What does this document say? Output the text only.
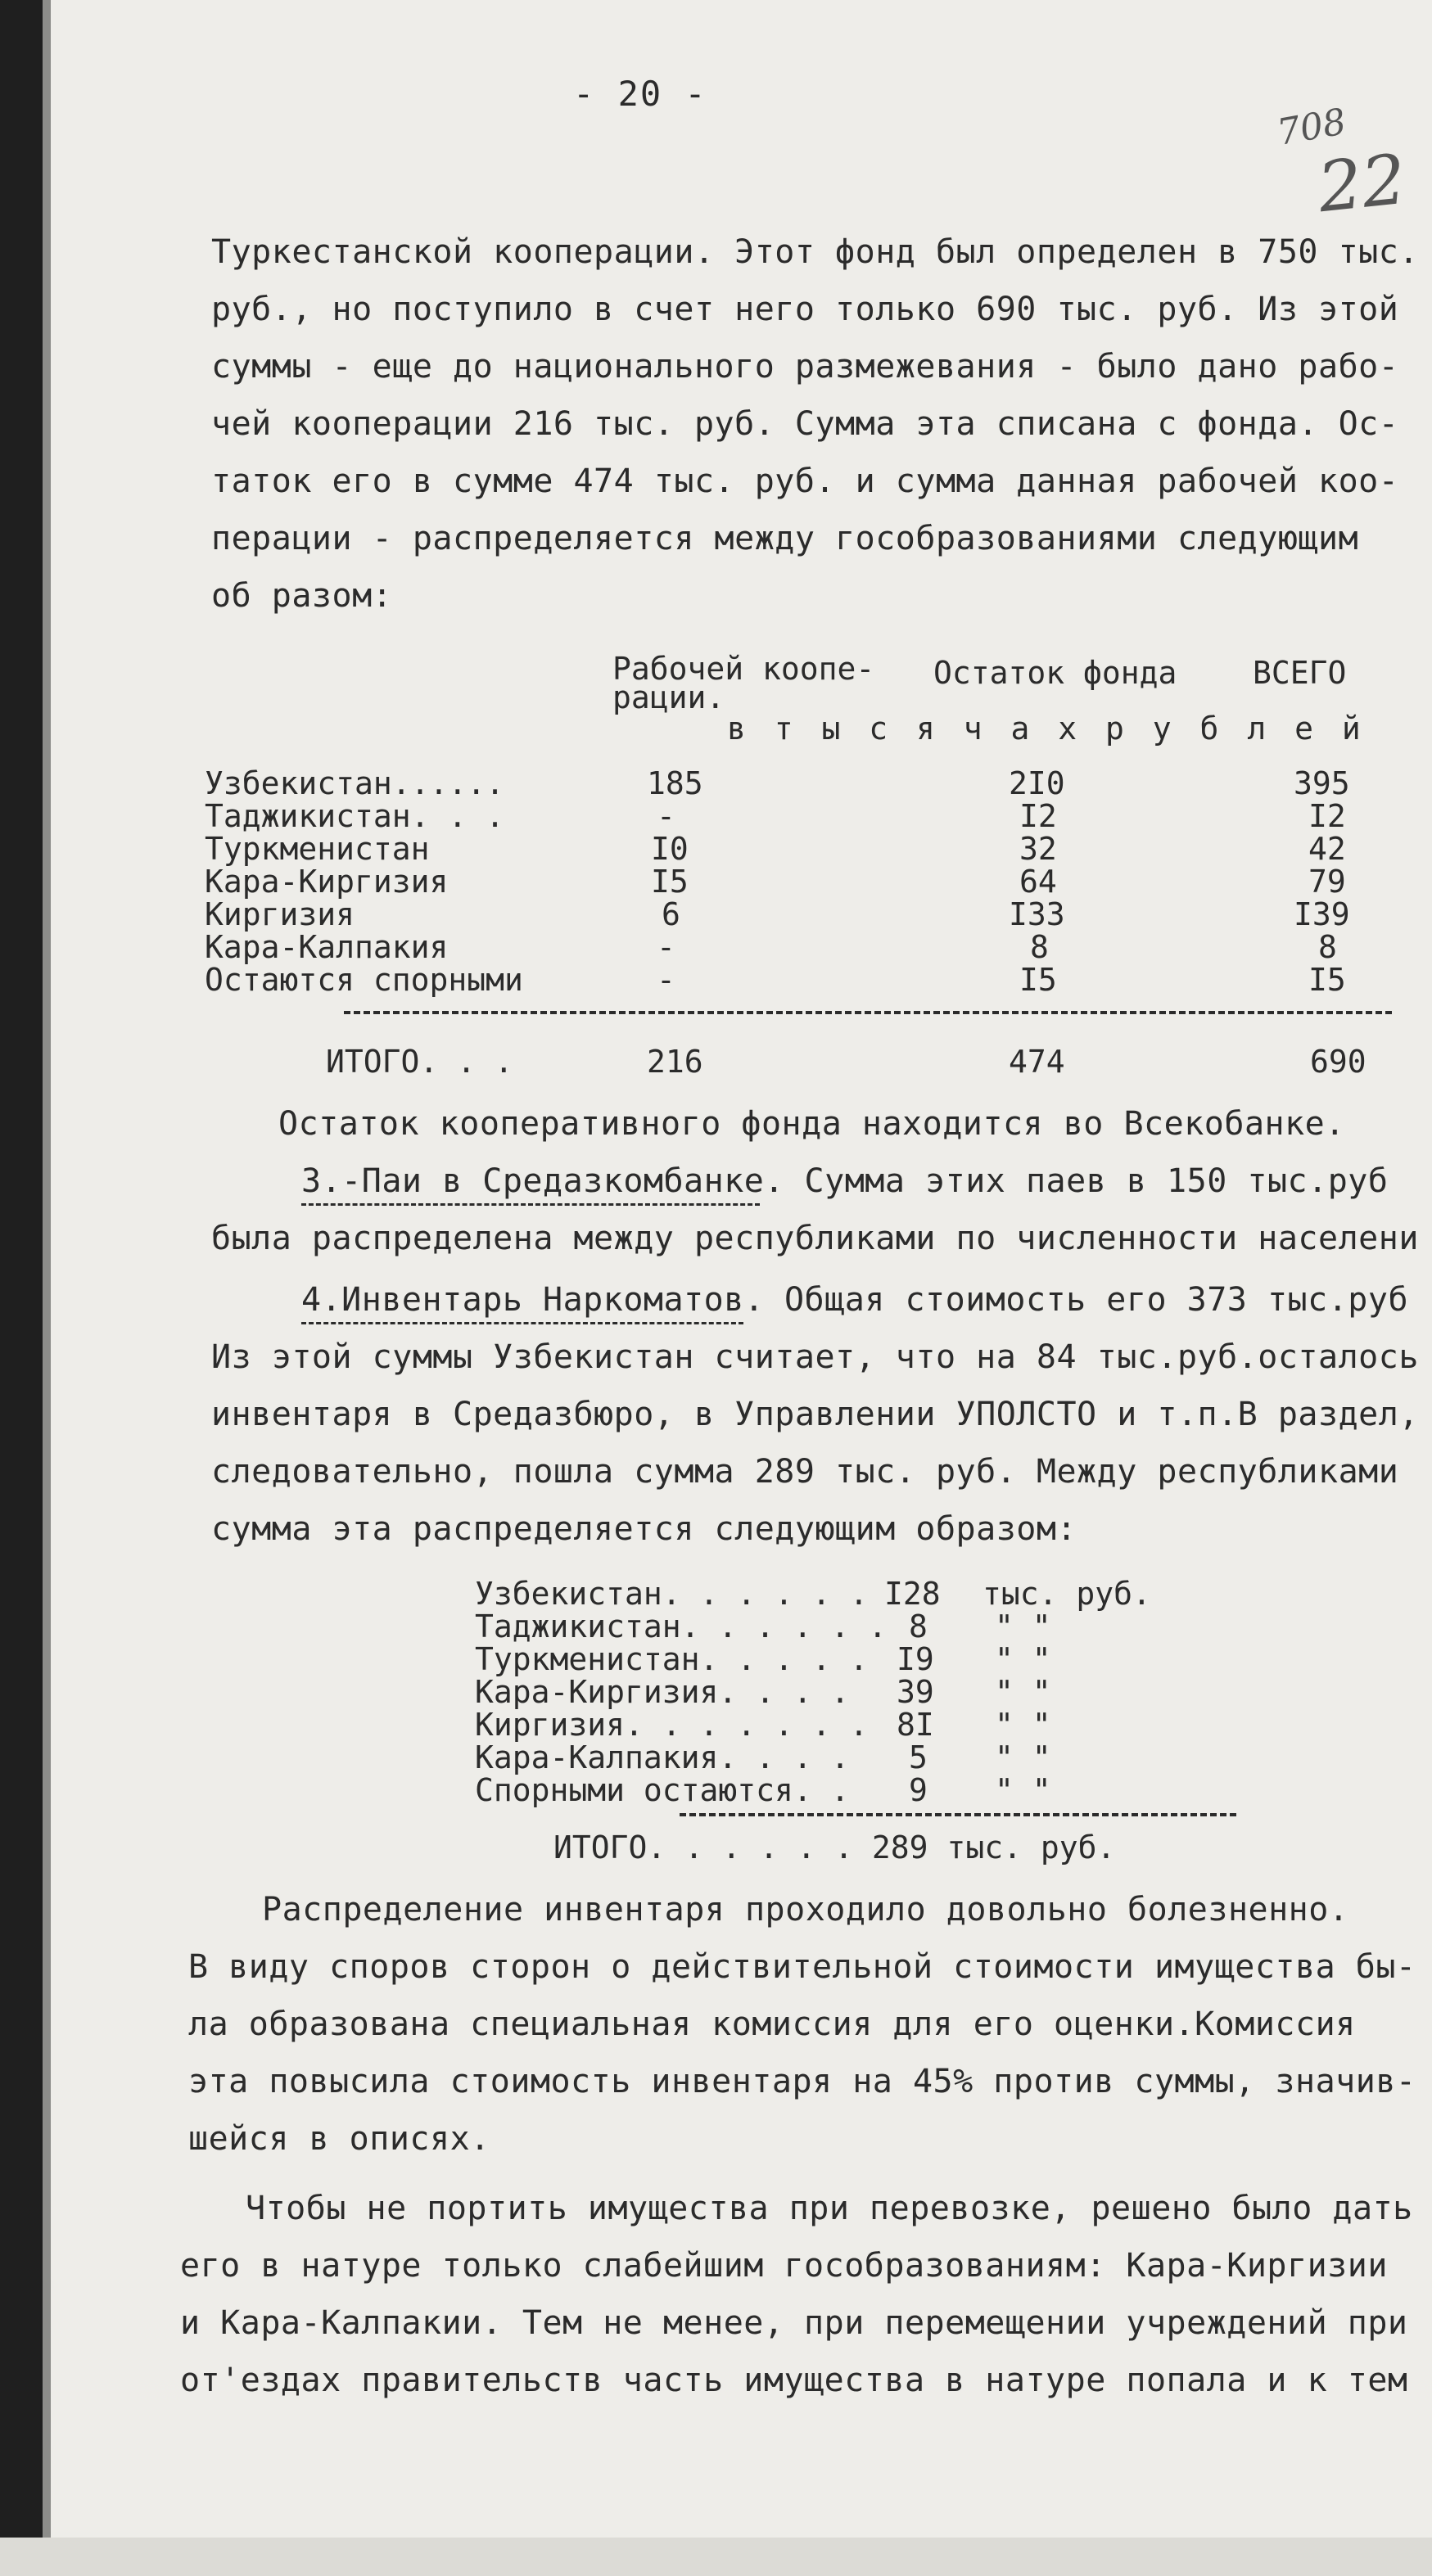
- 20 -
708
22
Туркестанской кооперации. Этот фонд был определен в 750 тыс.
руб., но поступило в счет него только 690 тыс. руб. Из этой
суммы - еще до национального размежевания - было дано рабо-
чей кооперации 216 тыс. руб. Сумма эта списана с фонда. Ос-
таток его в сумме 474 тыс. руб. и сумма данная рабочей коо-
перации - распределяется между гособразованиями следующим
об разом:
Рабочей коопе-
рации.
Остаток фонда ВСЕГО
в т ы с я ч а х р у б л е й
Узбекистан......	185	2I0	395
Таджикистан. . .	-	I2	I2
Туркменистан	I0	32	42
Кара-Киргизия	I5	64	79
Киргизия	6	I33	I39
Кара-Калпакия	-	8	8
Остаются спорными	-	I5	I5
ИТОГО. . .	216	474	690
Остаток кооперативного фонда находится во Всекобанке.
3.-Паи в Средазкомбанке. Сумма этих паев в 150 тыс.руб
была распределена между республиками по численности населени
4.Инвентарь Наркоматов. Общая стоимость его 373 тыс.руб
Из этой суммы Узбекистан считает, что на 84 тыс.руб.осталось
инвентаря в Средазбюро, в Управлении УПОЛСТО и т.п.В раздел,
следовательно, пошла сумма 289 тыс. руб. Между республиками
сумма эта распределяется следующим образом:
Узбекистан. . . . . . I28 тыс. руб.
Таджикистан. . . . . . 8 " "
Туркменистан. . . . . I9 " "
Кара-Киргизия. . . . 39 " "
Киргизия. . . . . . . 8I " "
Кара-Калпакия. . . . 5 " "
Спорными остаются. . 9 " "
ИТОГО. . . . . . 289 тыс. руб.
Распределение инвентаря проходило довольно болезненно.
В виду споров сторон о действительной стоимости имущества бы-
ла образована специальная комиссия для его оценки.Комиссия
эта повысила стоимость инвентаря на 45% против суммы, значив-
шейся в описях.
Чтобы не портить имущества при перевозке, решено было дать
его в натуре только слабейшим гособразованиям: Кара-Киргизии
и Кара-Калпакии. Тем не менее, при перемещении учреждений при
от'ездах правительств часть имущества в натуре попала и к тем
